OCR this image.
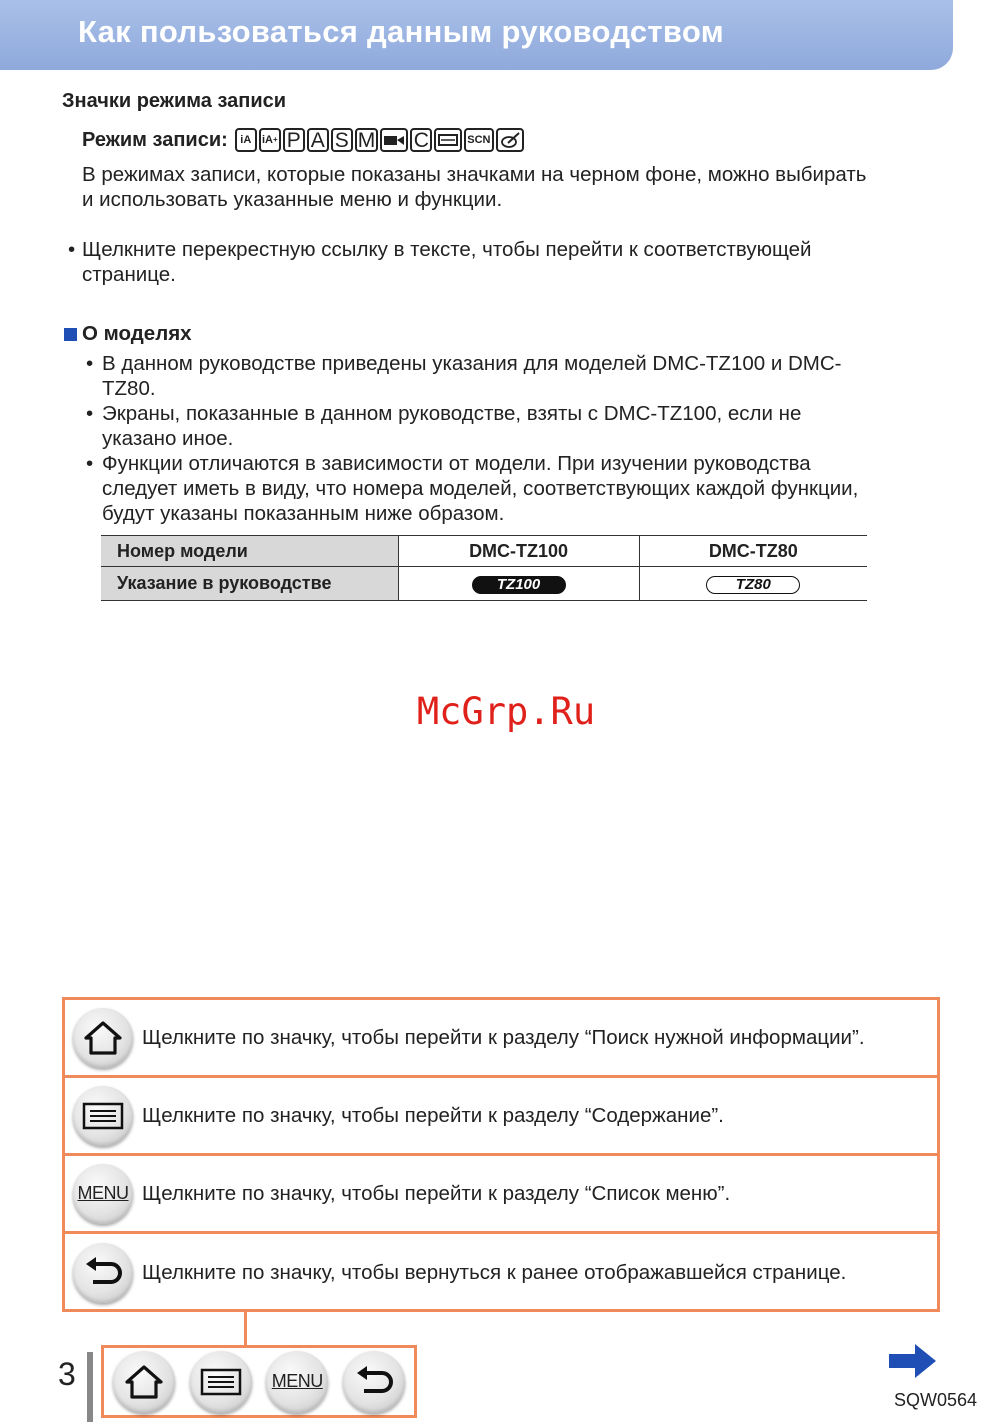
Как пользоваться данным руководством
Значки режима записи
Режим записи:	iA iA + P A S M C	SCN
В режимах записи, которые показаны значками на черном фоне, можно выбирать
и использовать указанные меню и функции.
• Щелкните перекрестную ссылку в тексте, чтобы перейти к соответствующей
странице.
О моделях
• В данном руководстве приведены указания для моделей DMC-TZ100 и DMC-
TZ80.
• Экраны, показанные в данном руководстве, взяты с DMC-TZ100, если не
указано иное.
• Функции отличаются в зависимости от модели. При изучении руководства
следует иметь в виду, что номера моделей, соответствующих каждой функции,
будут указаны показанным ниже образом.
Номер модели	DMC-TZ100	DMC-TZ80
Указание в руководстве	TZ100	TZ80
McGrp.Ru
Щелкните по значку, чтобы перейти к разделу “Поиск нужной информации”.
Щелкните по значку, чтобы перейти к разделу “Содержание”.
MENU Щелкните по значку, чтобы перейти к разделу “Список меню”.
Щелкните по значку, чтобы вернуться к ранее отображавшейся странице.
3	MENU
SQW0564
